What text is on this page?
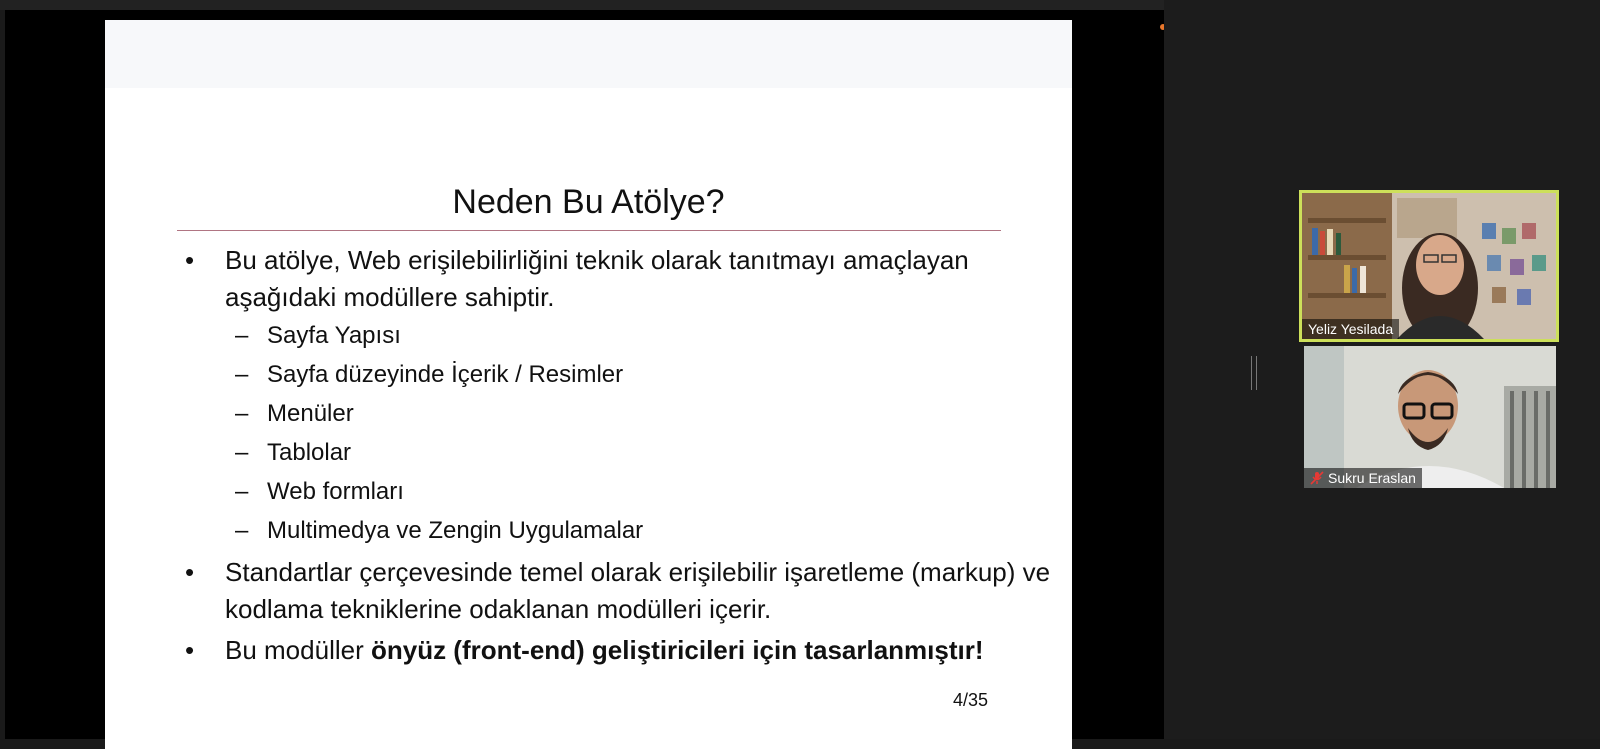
Neden Bu Atölye?
• Bu atölye, Web erişilebilirliğini teknik olarak tanıtmayı amaçlayan aşağıdaki modüllere sahiptir.
– Sayfa Yapısı
– Sayfa düzeyinde İçerik / Resimler
– Menüler
– Tablolar
– Web formları
– Multimedya ve Zengin Uygulamalar
• Standartlar çerçevesinde temel olarak erişilebilir işaretleme (markup) ve kodlama tekniklerine odaklanan modülleri içerir.
• Bu modüller önyüz (front-end) geliştiricileri için tasarlanmıştır!
4/35
Yeliz Yesilada
Sukru Eraslan
